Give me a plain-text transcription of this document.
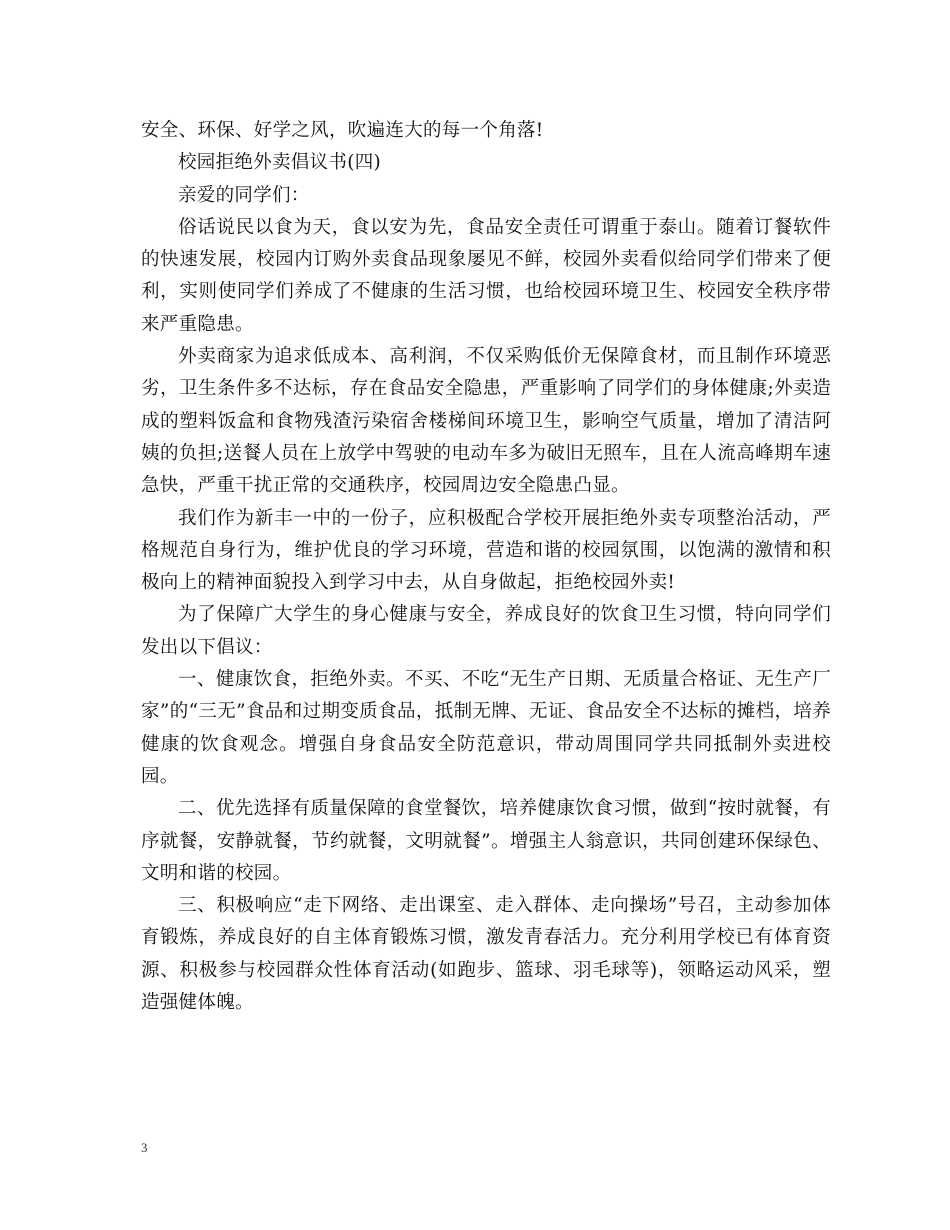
安全、环保、好学之风，吹遍连大的每一个角落!

校园拒绝外卖倡议书(四)

亲爱的同学们：

俗话说民以食为天，食以安为先，食品安全责任可谓重于泰山。随着订餐软件的快速发展，校园内订购外卖食品现象屡见不鲜，校园外卖看似给同学们带来了便利，实则使同学们养成了不健康的生活习惯，也给校园环境卫生、校园安全秩序带来严重隐患。

外卖商家为追求低成本、高利润，不仅采购低价无保障食材，而且制作环境恶劣，卫生条件多不达标，存在食品安全隐患，严重影响了同学们的身体健康;外卖造成的塑料饭盒和食物残渣污染宿舍楼梯间环境卫生，影响空气质量，增加了清洁阿姨的负担;送餐人员在上放学中驾驶的电动车多为破旧无照车，且在人流高峰期车速急快，严重干扰正常的交通秩序，校园周边安全隐患凸显。

我们作为新丰一中的一份子，应积极配合学校开展拒绝外卖专项整治活动，严格规范自身行为，维护优良的学习环境，营造和谐的校园氛围，以饱满的激情和积极向上的精神面貌投入到学习中去，从自身做起，拒绝校园外卖!

为了保障广大学生的身心健康与安全，养成良好的饮食卫生习惯，特向同学们发出以下倡议：

一、健康饮食，拒绝外卖。不买、不吃“无生产日期、无质量合格证、无生产厂家”的“三无”食品和过期变质食品，抵制无牌、无证、食品安全不达标的摊档，培养健康的饮食观念。增强自身食品安全防范意识，带动周围同学共同抵制外卖进校园。

二、优先选择有质量保障的食堂餐饮，培养健康饮食习惯，做到“按时就餐，有序就餐，安静就餐，节约就餐，文明就餐”。增强主人翁意识，共同创建环保绿色、文明和谐的校园。

三、积极响应“走下网络、走出课室、走入群体、走向操场”号召，主动参加体育锻炼，养成良好的自主体育锻炼习惯，激发青春活力。充分利用学校已有体育资源、积极参与校园群众性体育活动(如跑步、篮球、羽毛球等)，领略运动风采，塑造强健体魄。

3
